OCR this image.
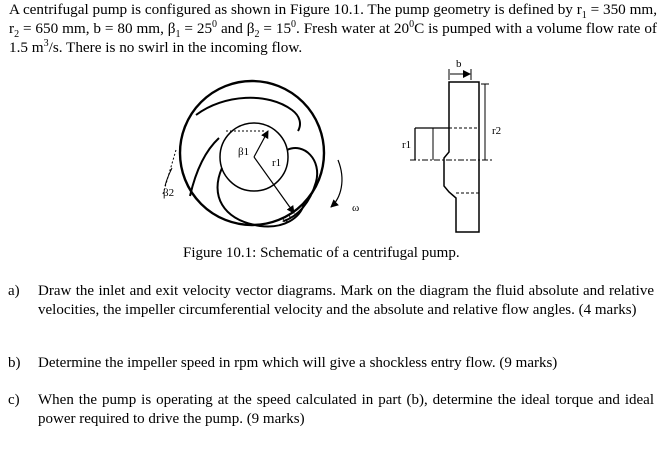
A centrifugal pump is configured as shown in Figure 10.1. The pump geometry is defined by $r_1 = 350$ mm, $r_2 = 650$ mm, b = 80 mm, $\beta_1 = 25^0$ and $\beta_2 = 15^0$. Fresh water at $20^0C$ is pumped with a volume flow rate of 1.5 $m^3/s$. There is no swirl in the incoming flow.
β1
β2
r1
r2
ω
b
r1
r2
Figure 10.1: Schematic of a centrifugal pump.
a) Draw the inlet and exit velocity vector diagrams. Mark on the diagram the fluid absolute and relative velocities, the impeller circumferential velocity and the absolute and relative flow angles. (4 marks)
b) Determine the impeller speed in rpm which will give a shockless entry flow. (9 marks)
c) When the pump is operating at the speed calculated in part (b), determine the ideal torque and ideal power required to drive the pump. (9 marks)
